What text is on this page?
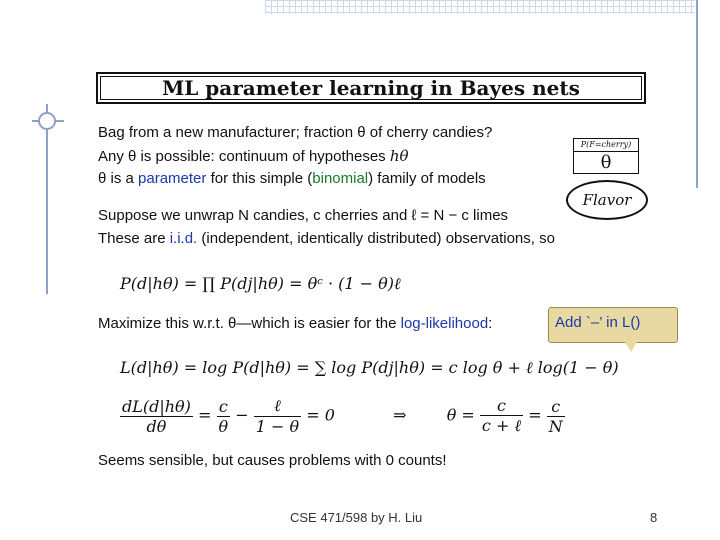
ML parameter learning in Bayes nets
Bag from a new manufacturer; fraction θ of cherry candies?
Any θ is possible: continuum of hypotheses hθ
θ is a parameter for this simple (binomial) family of models
P(F=cherry)
θ
Flavor
Suppose we unwrap N candies, c cherries and ℓ = N − c limes
These are i.i.d. (independent, identically distributed) observations, so
P(d|hθ) = ∏ P(dj|hθ) = θᶜ · (1 − θ)ℓ
Maximize this w.r.t. θ—which is easier for the log-likelihood:	Add `–’ in L()
L(d|hθ) = log P(d|hθ) = ∑ log P(dj|hθ) = c log θ + ℓ log(1 − θ)
$\frac{dL(d|h\theta)}{d\theta} = \frac{c}{\theta} - \frac{\text{ℓ}}{1 - \theta} = 0$	⇒	$\theta = \frac{c}{\text{c + ℓ}} = \frac{c}{N}$
Seems sensible, but causes problems with 0 counts!
CSE 471/598 by H. Liu	8
